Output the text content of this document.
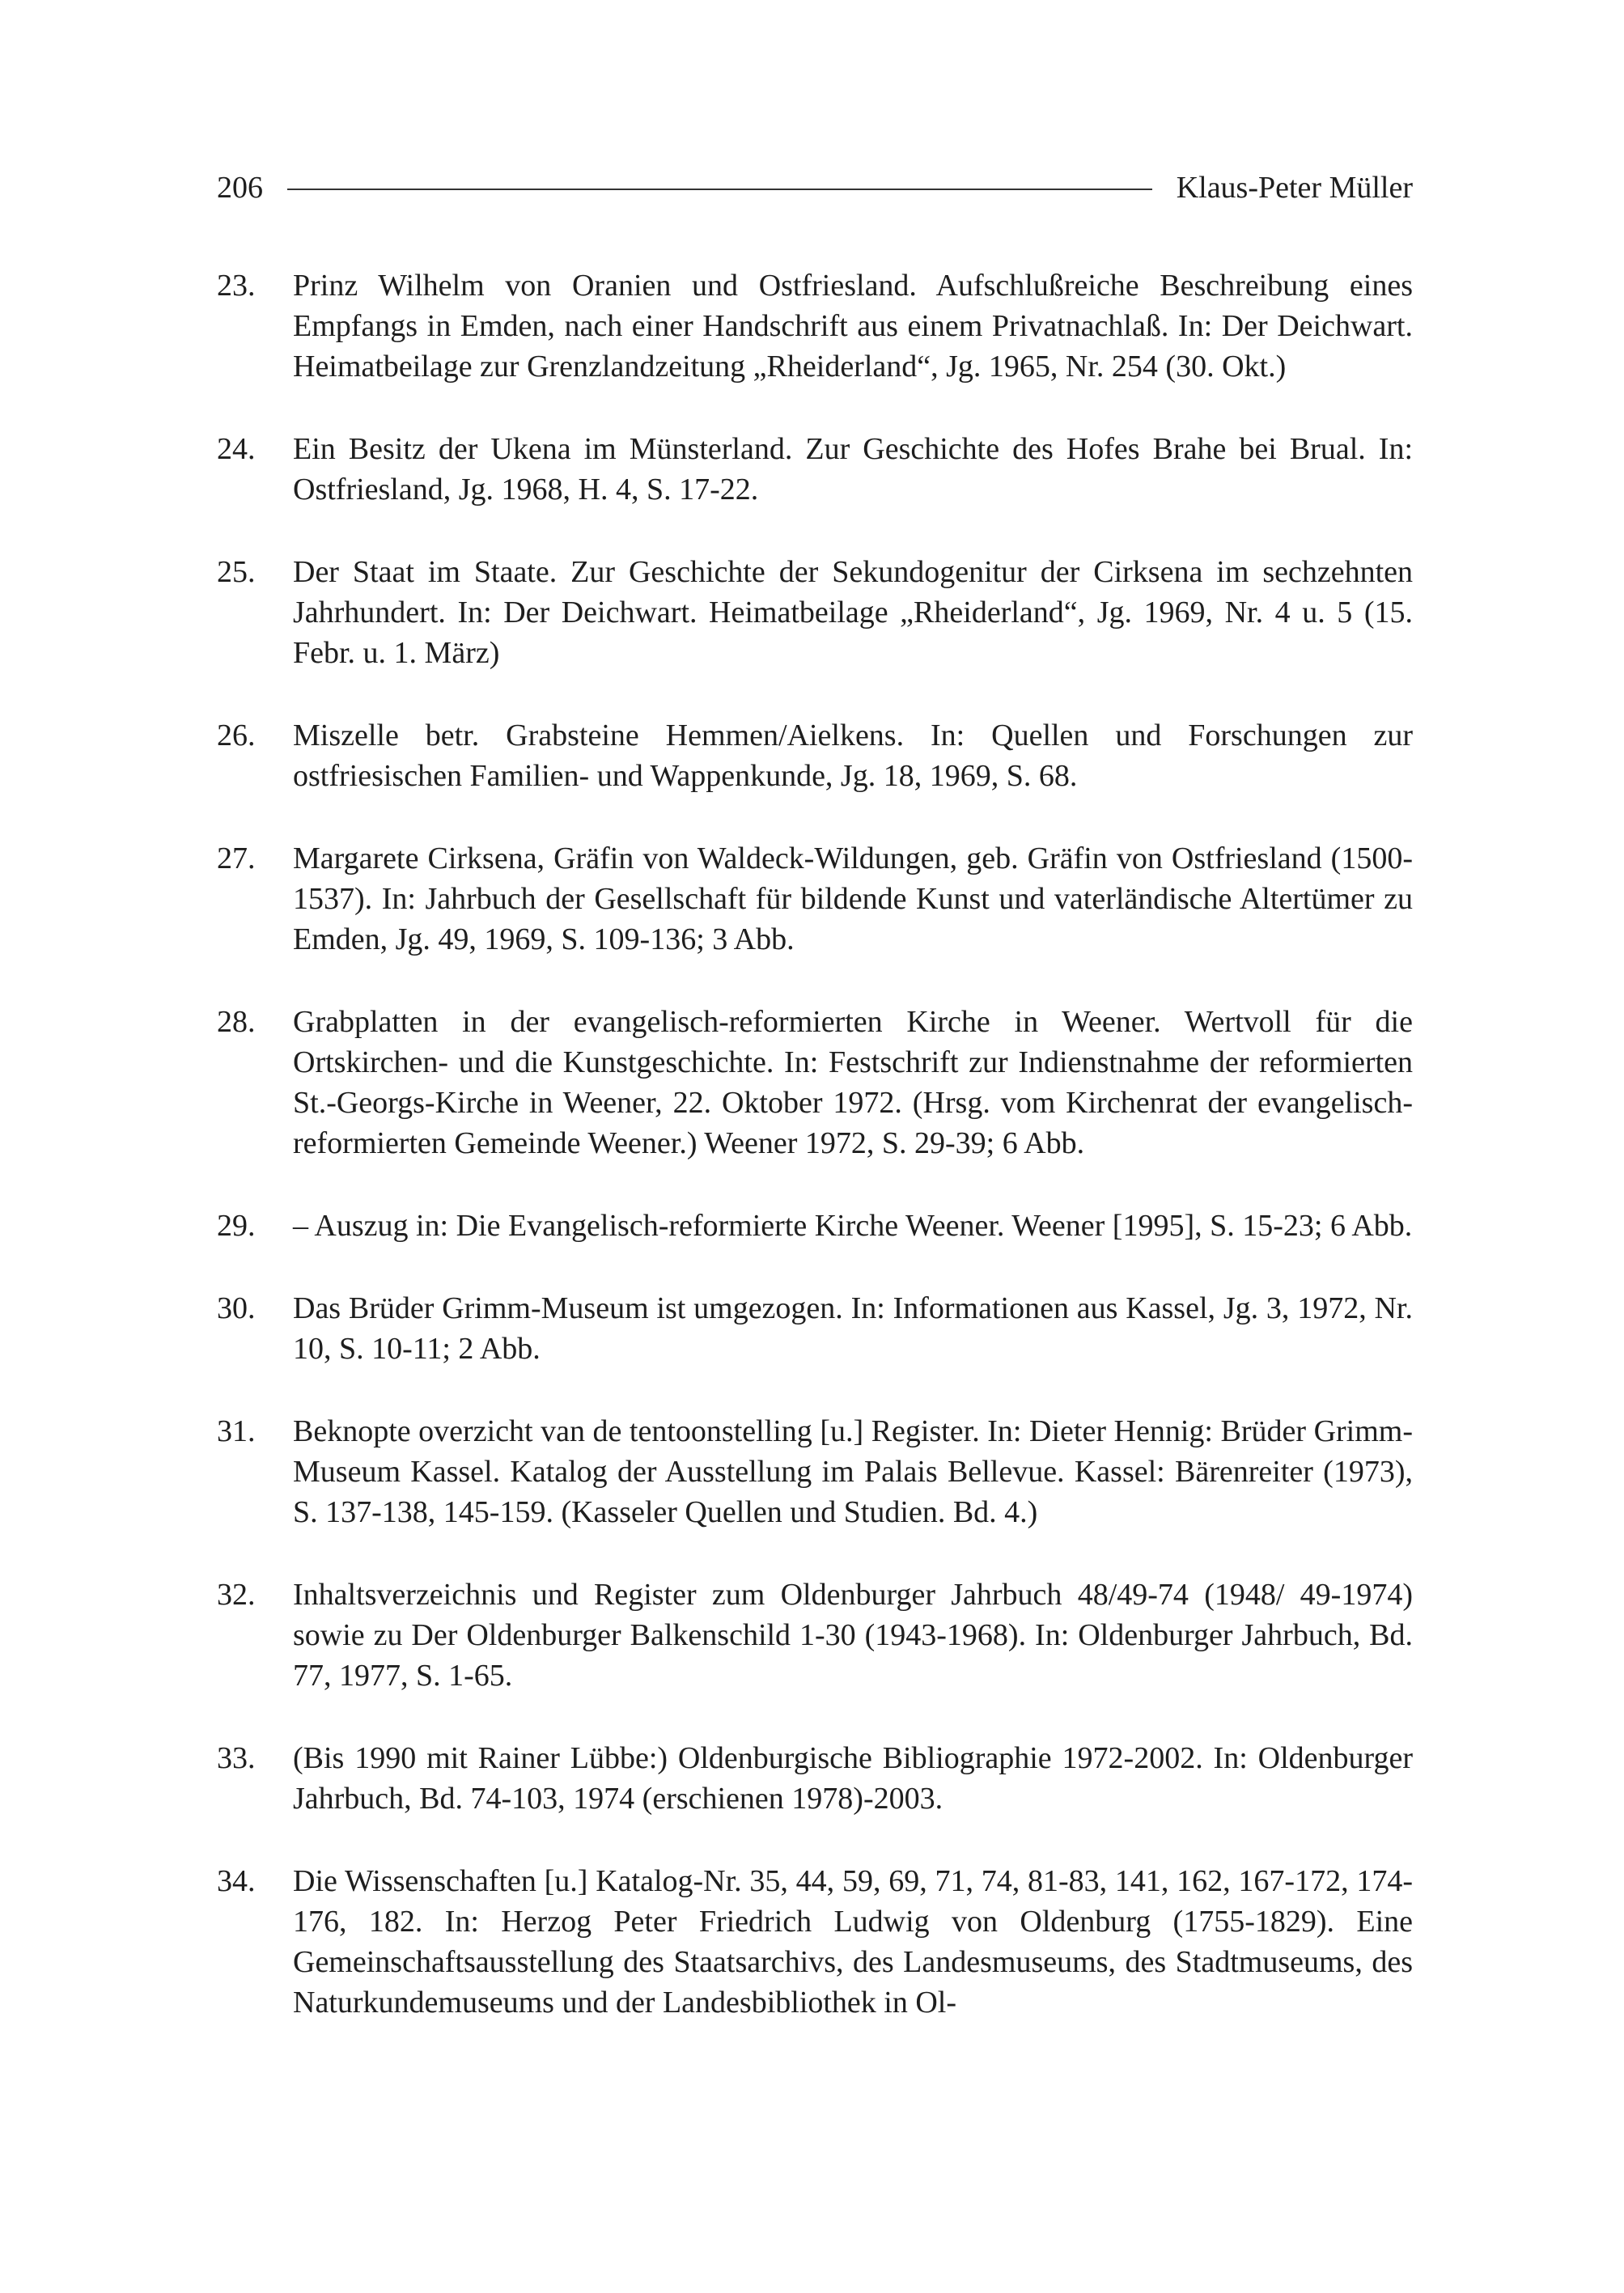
206	Klaus-Peter Müller
23.	Prinz Wilhelm von Oranien und Ostfriesland. Aufschlußreiche Beschreibung eines Empfangs in Emden, nach einer Handschrift aus einem Privatnachlaß. In: Der Deichwart. Heimatbeilage zur Grenzlandzeitung „Rheiderland“, Jg. 1965, Nr. 254 (30. Okt.)
24.	Ein Besitz der Ukena im Münsterland. Zur Geschichte des Hofes Brahe bei Brual. In: Ostfriesland, Jg. 1968, H. 4, S. 17-22.
25.	Der Staat im Staate. Zur Geschichte der Sekundogenitur der Cirksena im sechzehnten Jahrhundert. In: Der Deichwart. Heimatbeilage „Rheiderland“, Jg. 1969, Nr. 4 u. 5 (15. Febr. u. 1. März)
26.	Miszelle betr. Grabsteine Hemmen/Aielkens. In: Quellen und Forschungen zur ostfriesischen Familien- und Wappenkunde, Jg. 18, 1969, S. 68.
27.	Margarete Cirksena, Gräfin von Waldeck-Wildungen, geb. Gräfin von Ostfriesland (1500-1537). In: Jahrbuch der Gesellschaft für bildende Kunst und vaterländische Altertümer zu Emden, Jg. 49, 1969, S. 109-136; 3 Abb.
28.	Grabplatten in der evangelisch-reformierten Kirche in Weener. Wertvoll für die Ortskirchen- und die Kunstgeschichte. In: Festschrift zur Indienstnahme der reformierten St.-Georgs-Kirche in Weener, 22. Oktober 1972. (Hrsg. vom Kirchenrat der evangelisch-reformierten Gemeinde Weener.) Weener 1972, S. 29-39; 6 Abb.
29.	– Auszug in: Die Evangelisch-reformierte Kirche Weener. Weener [1995], S. 15-23; 6 Abb.
30.	Das Brüder Grimm-Museum ist umgezogen. In: Informationen aus Kassel, Jg. 3, 1972, Nr. 10, S. 10-11; 2 Abb.
31.	Beknopte overzicht van de tentoonstelling [u.] Register. In: Dieter Hennig: Brüder Grimm-Museum Kassel. Katalog der Ausstellung im Palais Bellevue. Kassel: Bärenreiter (1973), S. 137-138, 145-159. (Kasseler Quellen und Studien. Bd. 4.)
32.	Inhaltsverzeichnis und Register zum Oldenburger Jahrbuch 48/49-74 (1948/ 49-1974) sowie zu Der Oldenburger Balkenschild 1-30 (1943-1968). In: Oldenburger Jahrbuch, Bd. 77, 1977, S. 1-65.
33.	(Bis 1990 mit Rainer Lübbe:) Oldenburgische Bibliographie 1972-2002. In: Oldenburger Jahrbuch, Bd. 74-103, 1974 (erschienen 1978)-2003.
34.	Die Wissenschaften [u.] Katalog-Nr. 35, 44, 59, 69, 71, 74, 81-83, 141, 162, 167-172, 174-176, 182. In: Herzog Peter Friedrich Ludwig von Oldenburg (1755-1829). Eine Gemeinschaftsausstellung des Staatsarchivs, des Landesmuseums, des Stadtmuseums, des Naturkundemuseums und der Landesbibliothek in Ol-
